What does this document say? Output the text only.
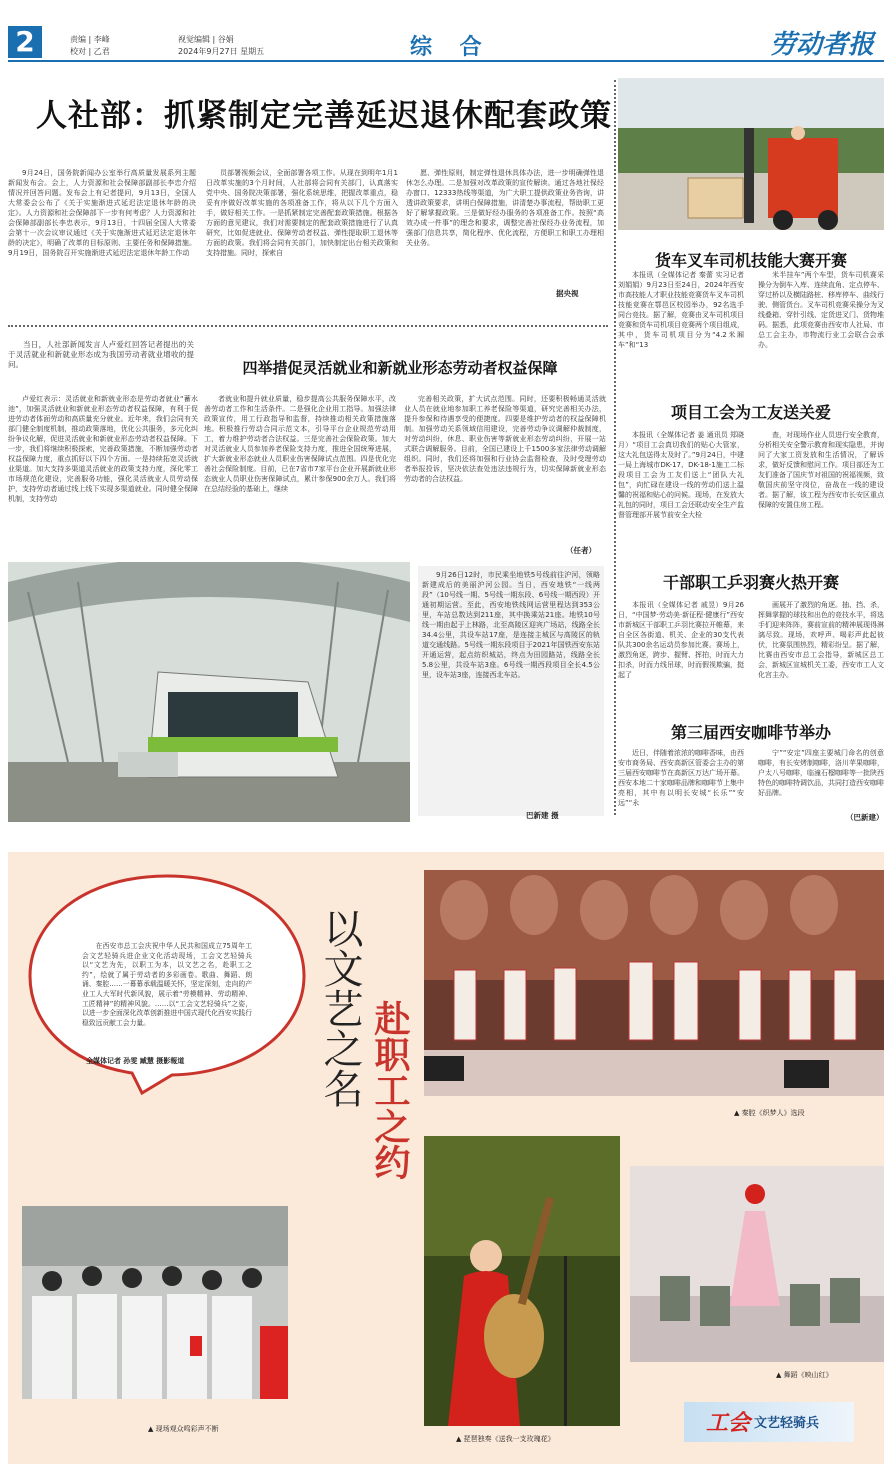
2	责编 | 李峰
校对 | 乙君
视觉编辑 | 谷娟
2024年9月27日 星期五	综 合	劳动者报
人社部：抓紧制定完善延迟退休配套政策

9月24日，国务院新闻办公室举行高质量发展系列主题新闻发布会。会上，人力资源和社会保障部副部长李忠介绍情况并回答问题。发布会上有记者提问，9月13日，全国人大常委会公布了《关于实施渐进式延迟法定退休年龄的决定》。人力资源和社会保障部下一步有何考虑？人力资源和社会保障部副部长李忠表示，9月13日，十四届全国人大常委会第十一次会议审议通过《关于实施渐进式延迟法定退休年龄的决定》，明确了改革的目标原则、主要任务和保障措施。9月19日，国务院召开实施渐进式延迟法定退休年龄工作动

员部署视频会议，全面部署各项工作。从现在到明年1月1日改革实施的3个月时间，人社部将会同有关部门，认真落实党中央、国务院决策部署，强化系统思维，把握改革重点，稳妥有序做好改革实施的各项准备工作，将从以下几个方面入手，做好相关工作。一是抓紧制定完善配套政策措施。根据各方面的意见建议，我们对需要制定的配套政策措施进行了认真研究，比如促进就业、保障劳动者权益、弹性提取职工退休等方面的政策。我们将会同有关部门，加快制定出台相关政策和支持措施。同时，探索自

愿、弹性原则，制定弹性退休具体办法，进一步明确弹性退休怎么办理。二是加强对改革政策的宣传解读。通过各地社保经办窗口、12333热线等渠道，为广大职工提供政策业务咨询，讲透讲政策要求，讲明白保障措施，讲清楚办事流程，帮助职工更好了解掌握政策。三是做好经办服务的各项准备工作。按照“高效办成一件事”的理念和要求，调整完善社保经办业务流程，加强部门信息共享，简化程序、优化流程，方便职工和职工办理相关业务。

据央视
货车叉车司机技能大赛开赛

本报讯（全媒体记者 秦蕾 实习记者刘娟娟）9月23日至24日，2024年西安市高技能人才职业技能竞赛货车叉车司机技能竞赛在鄠邑区校园举办，92名选手同台竞技。据了解，竞赛由叉车司机项目竞赛和货车司机项目竞赛两个项目组成，其中，货车司机项目分为“4.2米厢车”和“13

米半挂车”两个车型，货车司机赛采操分为倒车入库、连续直角、定点停车、穿过桥以及横陆路桩、移库停车、曲线行驶、侧管货台。叉车司机竞赛采操分为叉线叠箱、穿针引线、定货进叉门、货物堆码。据悉，此项竞赛由西安市人社局、市总工会主办，市物流行业工会联合会承办。

当日，人社部新闻发言人卢爱红回答记者提出的关于灵活就业和新就业形态成为我国劳动者就业增收的提问。	四举措促灵活就业和新就业形态劳动者权益保障

卢爱红表示：灵活就业和新就业形态是劳动者就业“蓄水池”，加强灵活就业和新就业形态劳动者权益保障，有利于促进劳动者体面劳动和高质量充分就业。近年来，我们会同有关部门健全制度机制，推动政策落地，优化公共服务，多元化纠纷争议化解，促进灵活就业和新就业形态劳动者权益保障。下一步，我们将继续积极探索，完善政策措施，不断加强劳动者权益保障力度，重点抓好以下四个方面。一是持续拓宽灵活就业渠道。加大支持多渠道灵活就业的政策支持力度，深化零工市场规范化建设，完善服务功能，强化灵活就业人员劳动保护，支持劳动者通过线上线下实现多渠道就业。同时健全保障机制，支持劳动

者就业和提升就业质量，稳步提高公共服务保障水平，改善劳动者工作和生活条件。二是强化企业用工指导。加强法律政策宣传，用工行政指导和监督，持续推动相关政策措施落地。积极推行劳动合同示范文本，引导平台企业规范劳动用工，着力维护劳动者合法权益。三是完善社会保险政策。加大对灵活就业人员参加养老保险支持力度，推进全国统筹进展，扩大新就业形态就业人员职业伤害保障试点范围。四是优化完善社会保险制度。目前，已在7省市7家平台企业开展新就业形态就业人员职业伤害保障试点，累计参保900余万人。我们将在总结经验的基础上，继续

完善相关政策，扩大试点范围。同时，还要积极畅通灵活就业人员在就业地参加职工养老保险等渠道，研究完善相关办法，提升参保和待遇享受的便捷度。四要是维护劳动者的权益保障机制。加强劳动关系领域信用建设，完善劳动争议调解仲裁制度，对劳动纠纷，休息、职业伤害等新就业形态劳动纠纷，开展一站式联合调解服务。目前，全国已建设上千1500多家法律劳动调解组织。同时，我们还将加强和行业协会监督检查，及时受理劳动者举报投诉，坚决依法查处违法违规行为，切实保障新就业形态劳动者的合法权益。

（任者）

9月26日12时，市民乘坐地铁5号线前往沪河，领略新建成后的美丽沪河公园。当日，西安地铁“一线两段”（10号线一期、5号线一期东段、6号线一期西段）开通初期运营。至此，西安地铁线网运营里程达到353公里，车站总数达到211座，其中换乘站21座。地铁10号线一期由起于上林路，北至高陵区迎宾广场站，线路全长34.4公里，共设车站17座，是连接主城区与高陵区的轨道交通线路。5号线一期东段项目于2021年国铁西安东站开通运营，起点纺织城站，终点为田园路站，线路全长5.8公里，共设车站3座。6号线一期西段项目全长4.5公里，设车站3座，连接西北车站。

巴新建 摄
项目工会为工友送关爱

本报讯（全媒体记者 姜 通讯员 郑晓月）“项目工会真切我们的贴心大管家，这大礼包送得太及时了。”9月24日，中建一局上海城市DK-17、DK-18-1施工二标段项目工会为工友们送上“团队大礼包”，向忙碌在建设一线的劳动们送上温馨的祝福和贴心的问候。现场，在发放大礼包的同时，项目工会还联动安全生产监督管理部开展节前安全大检

查，对现场作业人员进行安全教育，分析相关安全警示教育和现实隐患，并询问了大家工资发放和生活情况，了解诉求，做好反馈和慰问工作。项目部还为工友们准备了国庆节对祖国的祝福视频，致敬国庆前坚守岗位，奋战在一线的建设者。据了解，该工程为西安市长安区重点保障的安置住房工程。

干部职工乒羽赛火热开赛

本报讯（全媒体记者 戚昱）9月26日，“中国梦·劳动美·新征程·健康行”西安市新城区干部职工乒羽比赛拉开帷幕，来自全区各街道、机关、企业的30支代表队共300余名运动员参加比赛。赛场上，激烈角逐，跨步、握臂、挥拍，时而大力扣杀，时而力线吊球，时而假视欺骗，挺起了

画展开了激烈的角逐。抽、挡、杀，挥舞掌握的球技和出色的竞技水平，将选手们迎来阵阵，赛前宣前的精神展现得淋漓尽致。现场，欢呼声、喝彩声此起彼伏，比赛氛围热烈，精彩纷呈。据了解，比赛由西安市总工会指导，新城区总工会，新城区宣城机关工委，西安市工人文化宫主办。

第三届西安咖啡节举办

近日，伴随着浓浓的咖啡香味，由西安市商务局、西安高新区管委会主办的第三届西安咖啡节在高新区万达广场开幕。西安本地二十家咖啡品牌和咖啡节上集中亮相，其中有以明长安城“长乐”“安远”“永

宁”“安定”四座主要城门命名的创意咖啡，有长安烤制咖啡，洛川苹果咖啡，户太八号咖啡，临潼石榴咖啡等一批陕西特色的咖啡特调饮品，共同打造西安咖啡好品牌。

（巴新建）

在西安市总工会庆祝中华人民共和国成立75周年工会文艺轻骑兵进企业文化活动现场，工会文艺轻骑兵以“文艺为先，以职工为本，以文艺之名，赴职工之约”，绘就了属于劳动者的多彩画卷。歌曲、舞蹈、朗诵、秦腔……一幕幕承载温暖关怀，坚定深刻，走向的产业工人大军时代新风貌，展示着“劳模精神、劳动精神、工匠精神”的精神风貌。……以“工会文艺轻骑兵”之姿，以进一步全面深化改革创新推进中国式现代化西安实践行稳致远贡献工会力量。

全媒体记者 孙雯 臧慧 摄影報道	以文艺之名 赴职工之约	▲ 秦腔《织梦人》选段
▲ 现场观众鸣彩声不断
▲ 琵琶独奏《送我一支玫瑰花》
▲ 舞蹈《映山红》
工会 文艺轻骑兵
